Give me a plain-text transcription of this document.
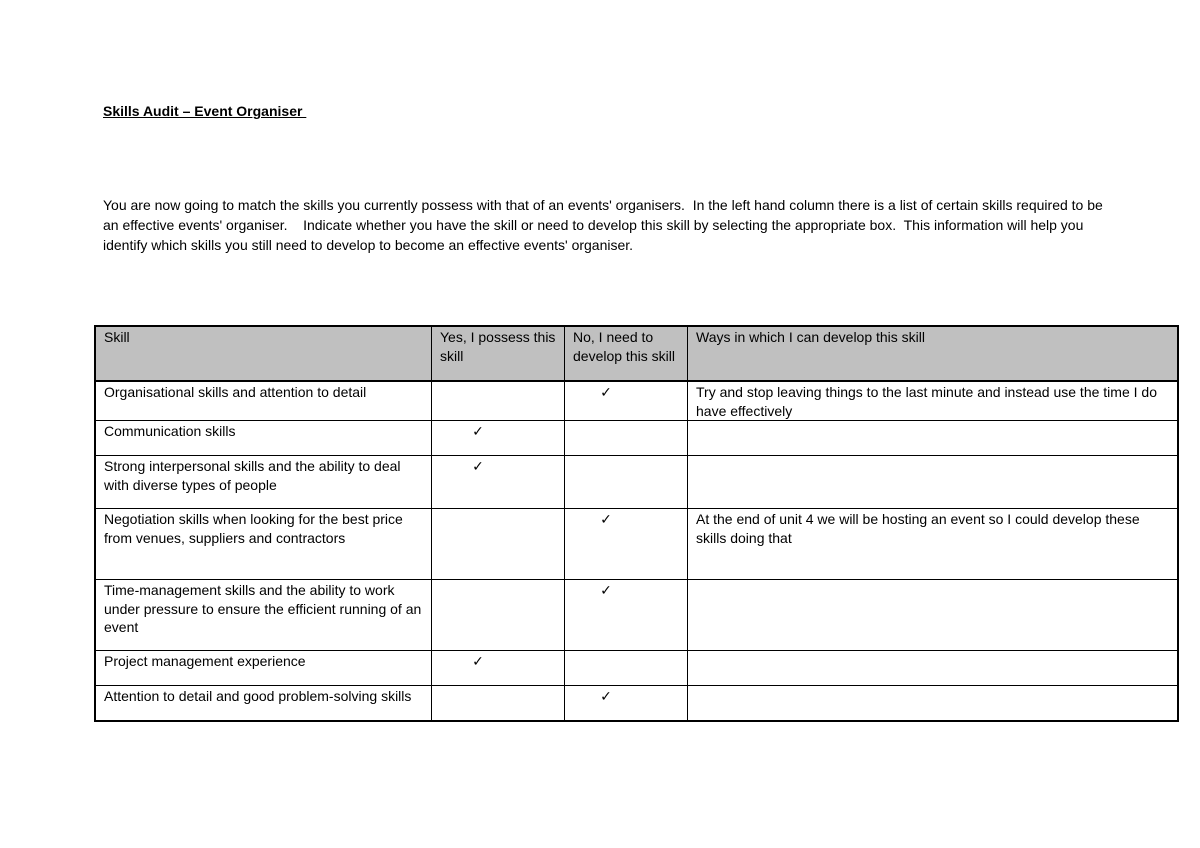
Skills Audit – Event Organiser

You are now going to match the skills you currently possess with that of an events' organisers.  In the left hand column there is a list of certain skills required to be an effective events' organiser.    Indicate whether you have the skill or need to develop this skill by selecting the appropriate box.  This information will help you identify which skills you still need to develop to become an effective events' organiser.

Skill	Yes, I possess this skill	No, I need to develop this skill	Ways in which I can develop this skill
Organisational skills and attention to detail		✓	Try and stop leaving things to the last minute and instead use the time I do have effectively
Communication skills	✓		
Strong interpersonal skills and the ability to deal with diverse types of people	✓		
Negotiation skills when looking for the best price from venues, suppliers and contractors		✓	At the end of unit 4 we will be hosting an event so I could develop these skills doing that
Time-management skills and the ability to work under pressure to ensure the efficient running of an event		✓	
Project management experience	✓		
Attention to detail and good problem-solving skills		✓	
